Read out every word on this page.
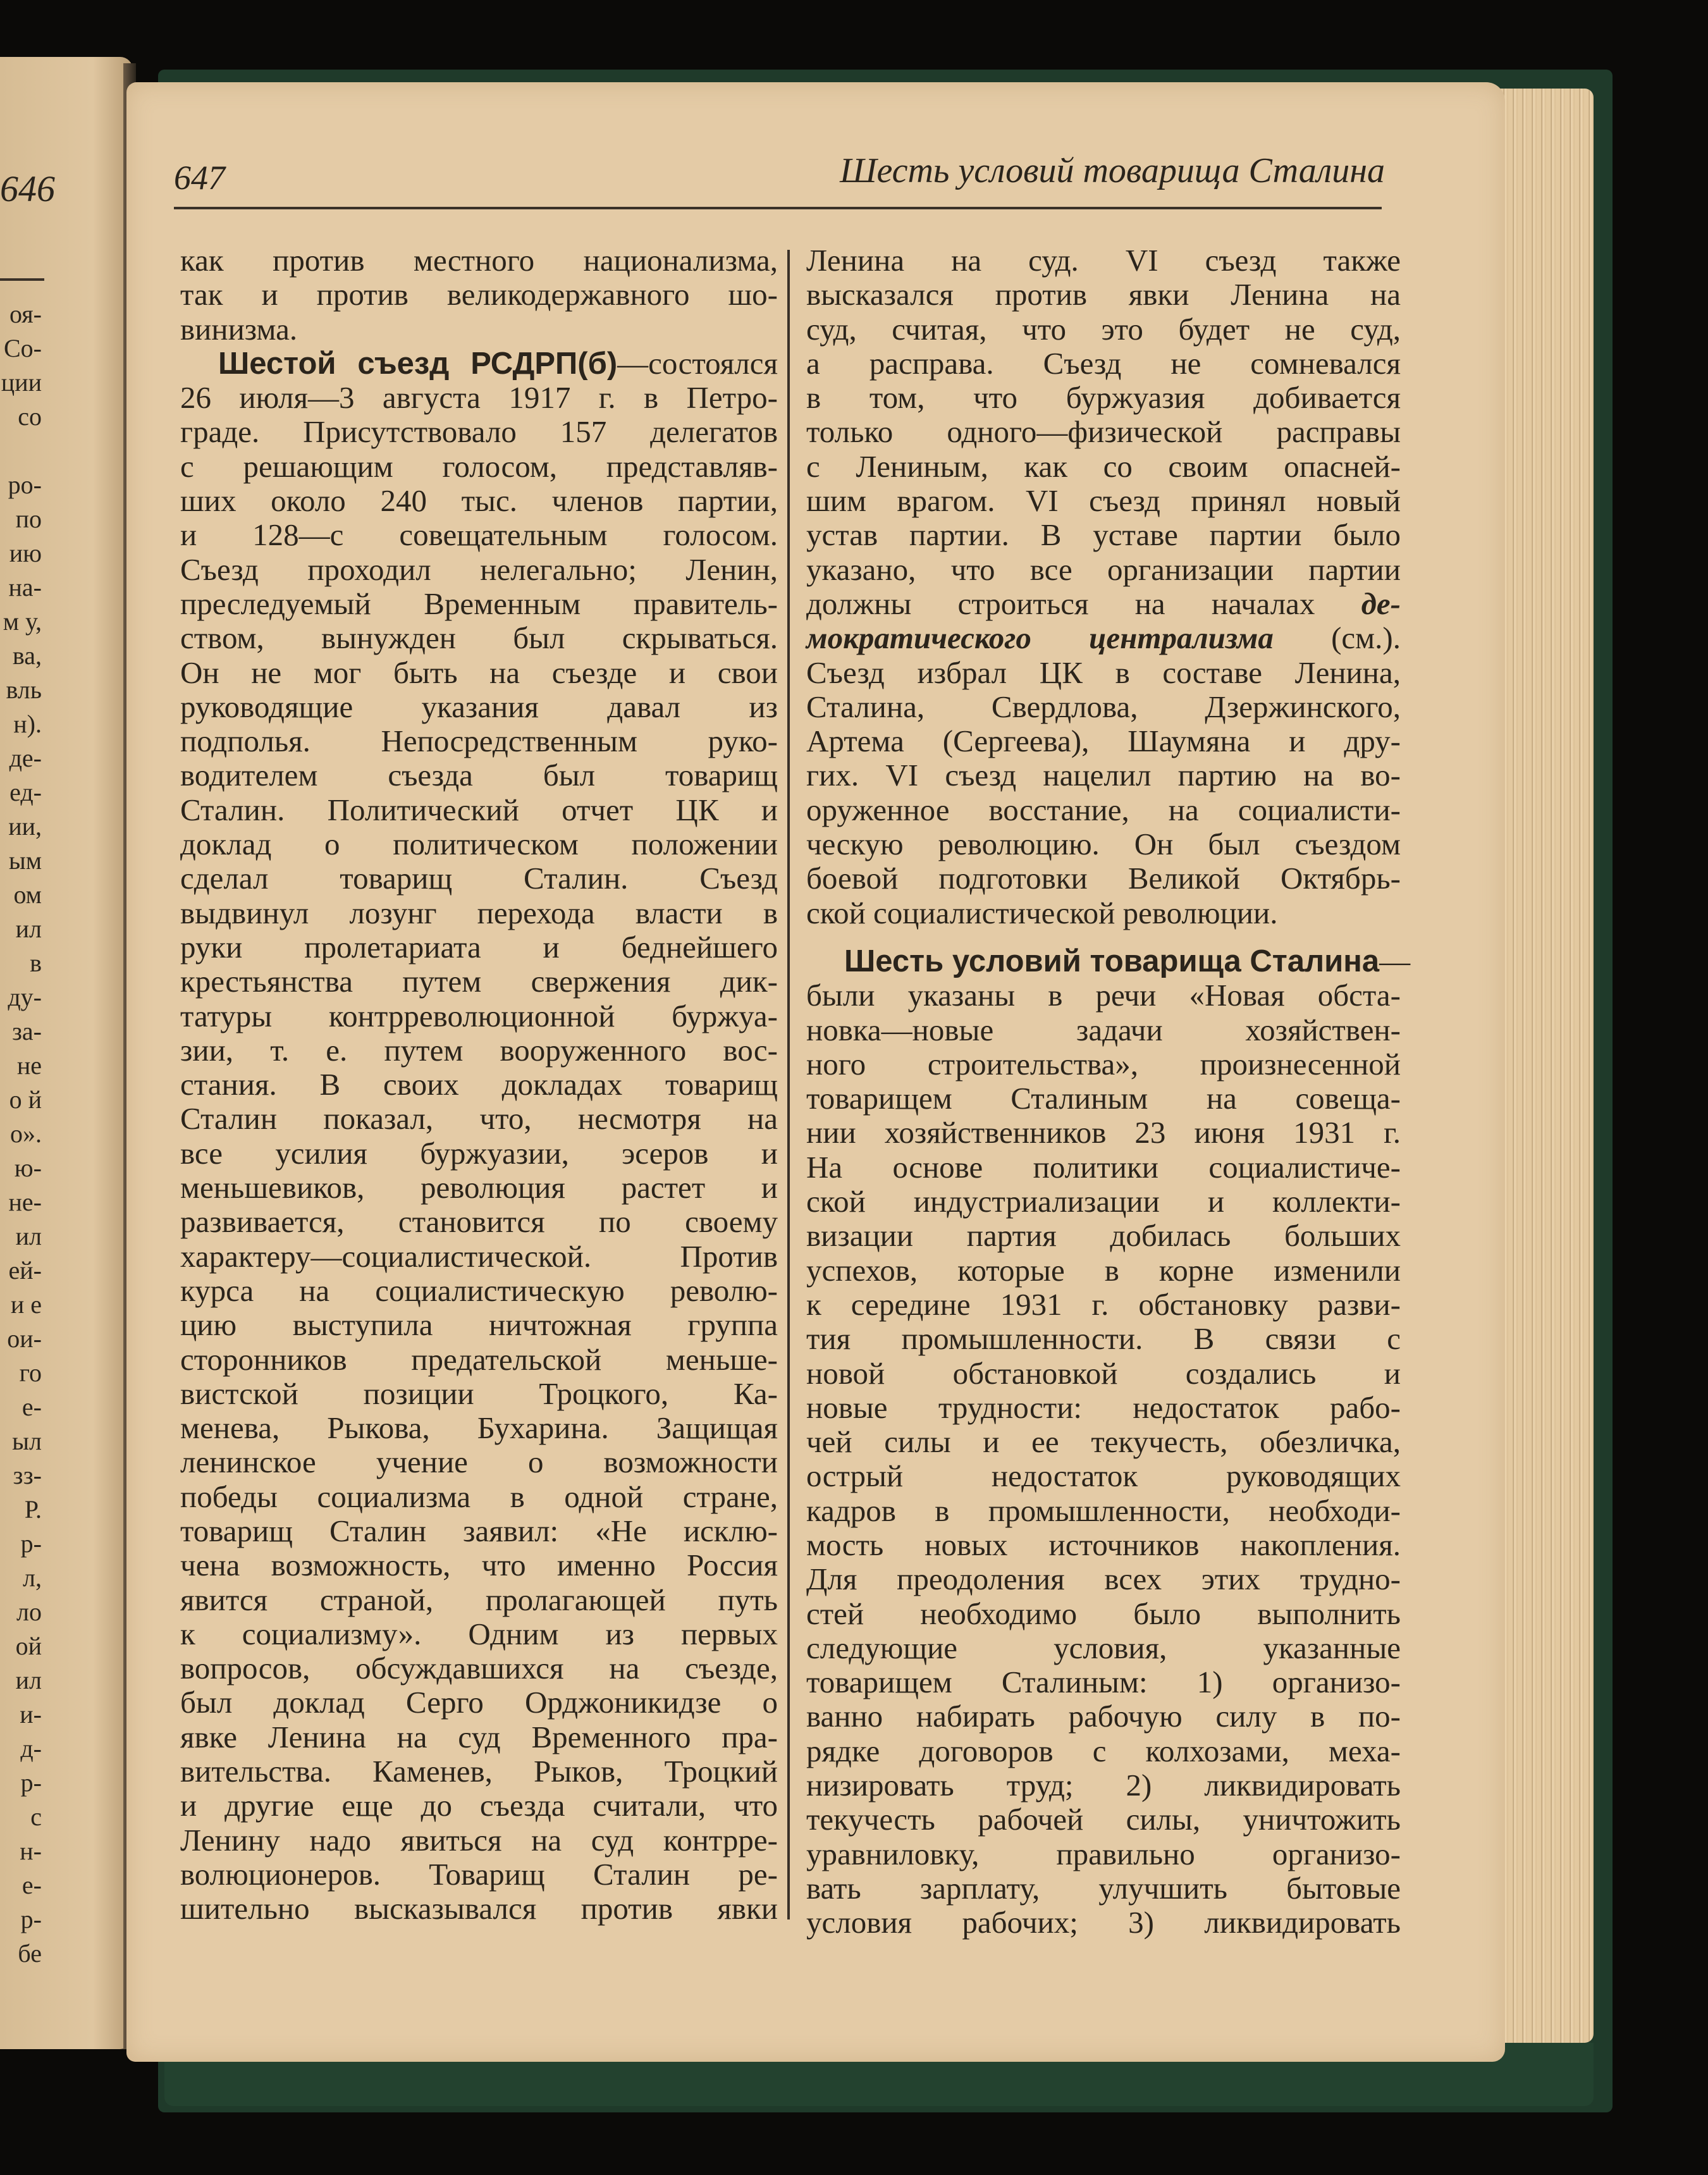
646
оя-
Со-
ции
со

ро-
по
ию
на-
м у,
ва,
вль
н).
де-
ед-
ии,
ым
ом
ил
в
ду-
за-
не
о й
о».
ю-
не-
ил
ей-
и е
ои-
го
е-
ыл
зз-
Р.
р-
л,
ло
ой
ил
и-
д-
р-
с
н-
е-
р-
бе
647	Шесть условий товарища Сталина
как против местного национализма,
так и против великодержавного шо-
винизма.
Шестой съезд РСДРП(б)—состоялся
26 июля—3 августа 1917 г. в Петро-
граде. Присутствовало 157 делегатов
с решающим голосом, представляв-
ших около 240 тыс. членов партии,
и 128—с совещательным голосом.
Съезд проходил нелегально; Ленин,
преследуемый Временным правитель-
ством, вынужден был скрываться.
Он не мог быть на съезде и свои
руководящие указания давал из
подполья. Непосредственным руко-
водителем съезда был товарищ
Сталин. Политический отчет ЦК и
доклад о политическом положении
сделал товарищ Сталин. Съезд
выдвинул лозунг перехода власти в
руки пролетариата и беднейшего
крестьянства путем свержения дик-
татуры контрреволюционной буржуа-
зии, т. е. путем вооруженного вос-
стания. В своих докладах товарищ
Сталин показал, что, несмотря на
все усилия буржуазии, эсеров и
меньшевиков, революция растет и
развивается, становится по своему
характеру—социалистической. Против
курса на социалистическую револю-
цию выступила ничтожная группа
сторонников предательской меньше-
вистской позиции Троцкого, Ка-
менева, Рыкова, Бухарина. Защищая
ленинское учение о возможности
победы социализма в одной стране,
товарищ Сталин заявил: «Не исклю-
чена возможность, что именно Россия
явится страной, пролагающей путь
к социализму». Одним из первых
вопросов, обсуждавшихся на съезде,
был доклад Серго Орджоникидзе о
явке Ленина на суд Временного пра-
вительства. Каменев, Рыков, Троцкий
и другие еще до съезда считали, что
Ленину надо явиться на суд контрре-
волюционеров. Товарищ Сталин ре-
шительно высказывался против явки
Ленина на суд. VI съезд также
высказался против явки Ленина на
суд, считая, что это будет не суд,
а расправа. Съезд не сомневался
в том, что буржуазия добивается
только одного—физической расправы
с Лениным, как со своим опасней-
шим врагом. VI съезд принял новый
устав партии. В уставе партии было
указано, что все организации партии
должны строиться на началах де-
мократического централизма (см.).
Съезд избрал ЦК в составе Ленина,
Сталина, Свердлова, Дзержинского,
Артема (Сергеева), Шаумяна и дру-
гих. VI съезд нацелил партию на во-
оруженное восстание, на социалисти-
ческую революцию. Он был съездом
боевой подготовки Великой Октябрь-
ской социалистической революции.
Шесть условий товарища Сталина—
были указаны в речи «Новая обста-
новка—новые задачи хозяйствен-
ного строительства», произнесенной
товарищем Сталиным на совеща-
нии хозяйственников 23 июня 1931 г.
На основе политики социалистиче-
ской индустриализации и коллекти-
визации партия добилась больших
успехов, которые в корне изменили
к середине 1931 г. обстановку разви-
тия промышленности. В связи с
новой обстановкой создались и
новые трудности: недостаток рабо-
чей силы и ее текучесть, обезличка,
острый недостаток руководящих
кадров в промышленности, необходи-
мость новых источников накопления.
Для преодоления всех этих трудно-
стей необходимо было выполнить
следующие условия, указанные
товарищем Сталиным: 1) организо-
ванно набирать рабочую силу в по-
рядке договоров с колхозами, меха-
низировать труд; 2) ликвидировать
текучесть рабочей силы, уничтожить
уравниловку, правильно организо-
вать зарплату, улучшить бытовые
условия рабочих; 3) ликвидировать
